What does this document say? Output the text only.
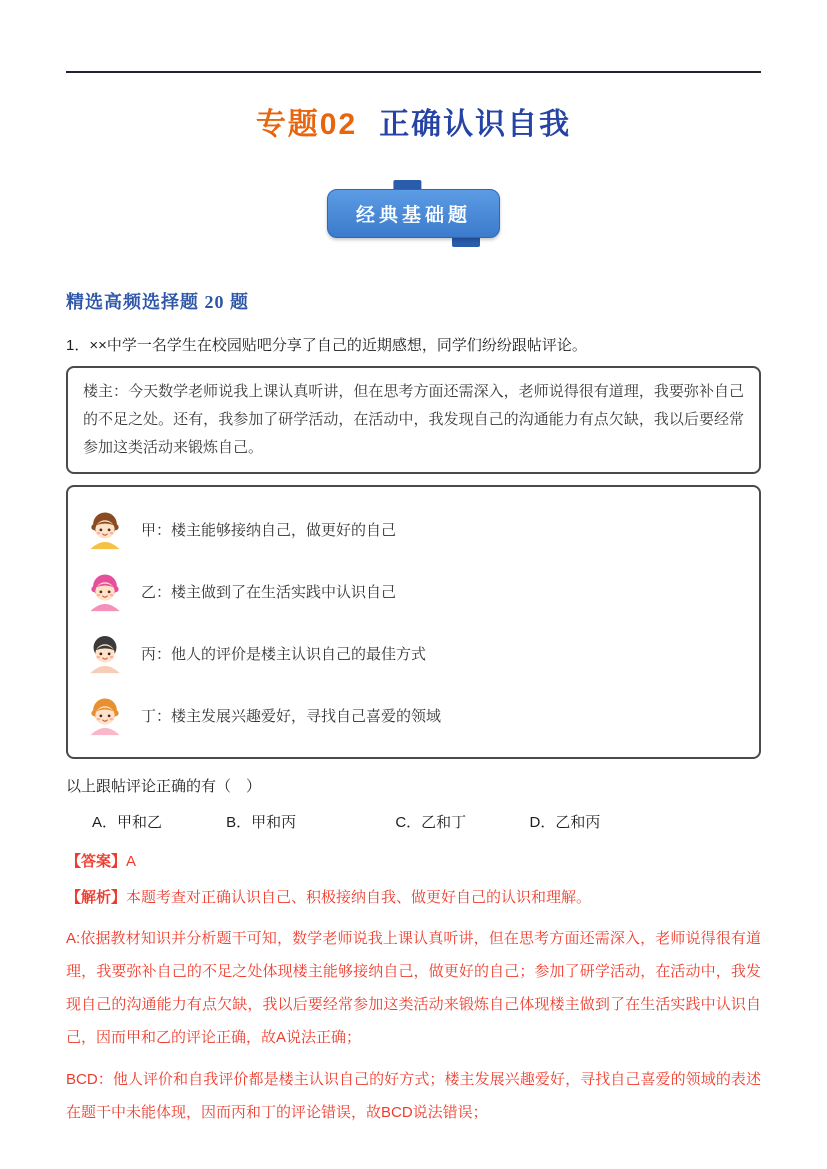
专题02 正确认识自我
经典基础题
精选高频选择题 20 题

1．××中学一名学生在校园贴吧分享了自己的近期感想，同学们纷纷跟帖评论。

楼主：今天数学老师说我上课认真听讲，但在思考方面还需深入，老师说得很有道理，我要弥补自己的不足之处。还有，我参加了研学活动，在活动中，我发现自己的沟通能力有点欠缺，我以后要经常参加这类活动来锻炼自己。

甲：楼主能够接纳自己，做更好的自己
乙：楼主做到了在生活实践中认识自己
丙：他人的评价是楼主认识自己的最佳方式
丁：楼主发展兴趣爱好，寻找自己喜爱的领域

以上跟帖评论正确的有（　）

A．甲和乙	B．甲和丙	C．乙和丁	D．乙和丙

【答案】A

【解析】本题考查对正确认识自己、积极接纳自我、做更好自己的认识和理解。

A:依据教材知识并分析题干可知，数学老师说我上课认真听讲，但在思考方面还需深入，老师说得很有道理，我要弥补自己的不足之处体现楼主能够接纳自己，做更好的自己；参加了研学活动，在活动中，我发现自己的沟通能力有点欠缺，我以后要经常参加这类活动来锻炼自己体现楼主做到了在生活实践中认识自己，因而甲和乙的评论正确，故A说法正确；

BCD：他人评价和自我评价都是楼主认识自己的好方式；楼主发展兴趣爱好，寻找自己喜爱的领域的表述在题干中未能体现，因而丙和丁的评论错误，故BCD说法错误；
